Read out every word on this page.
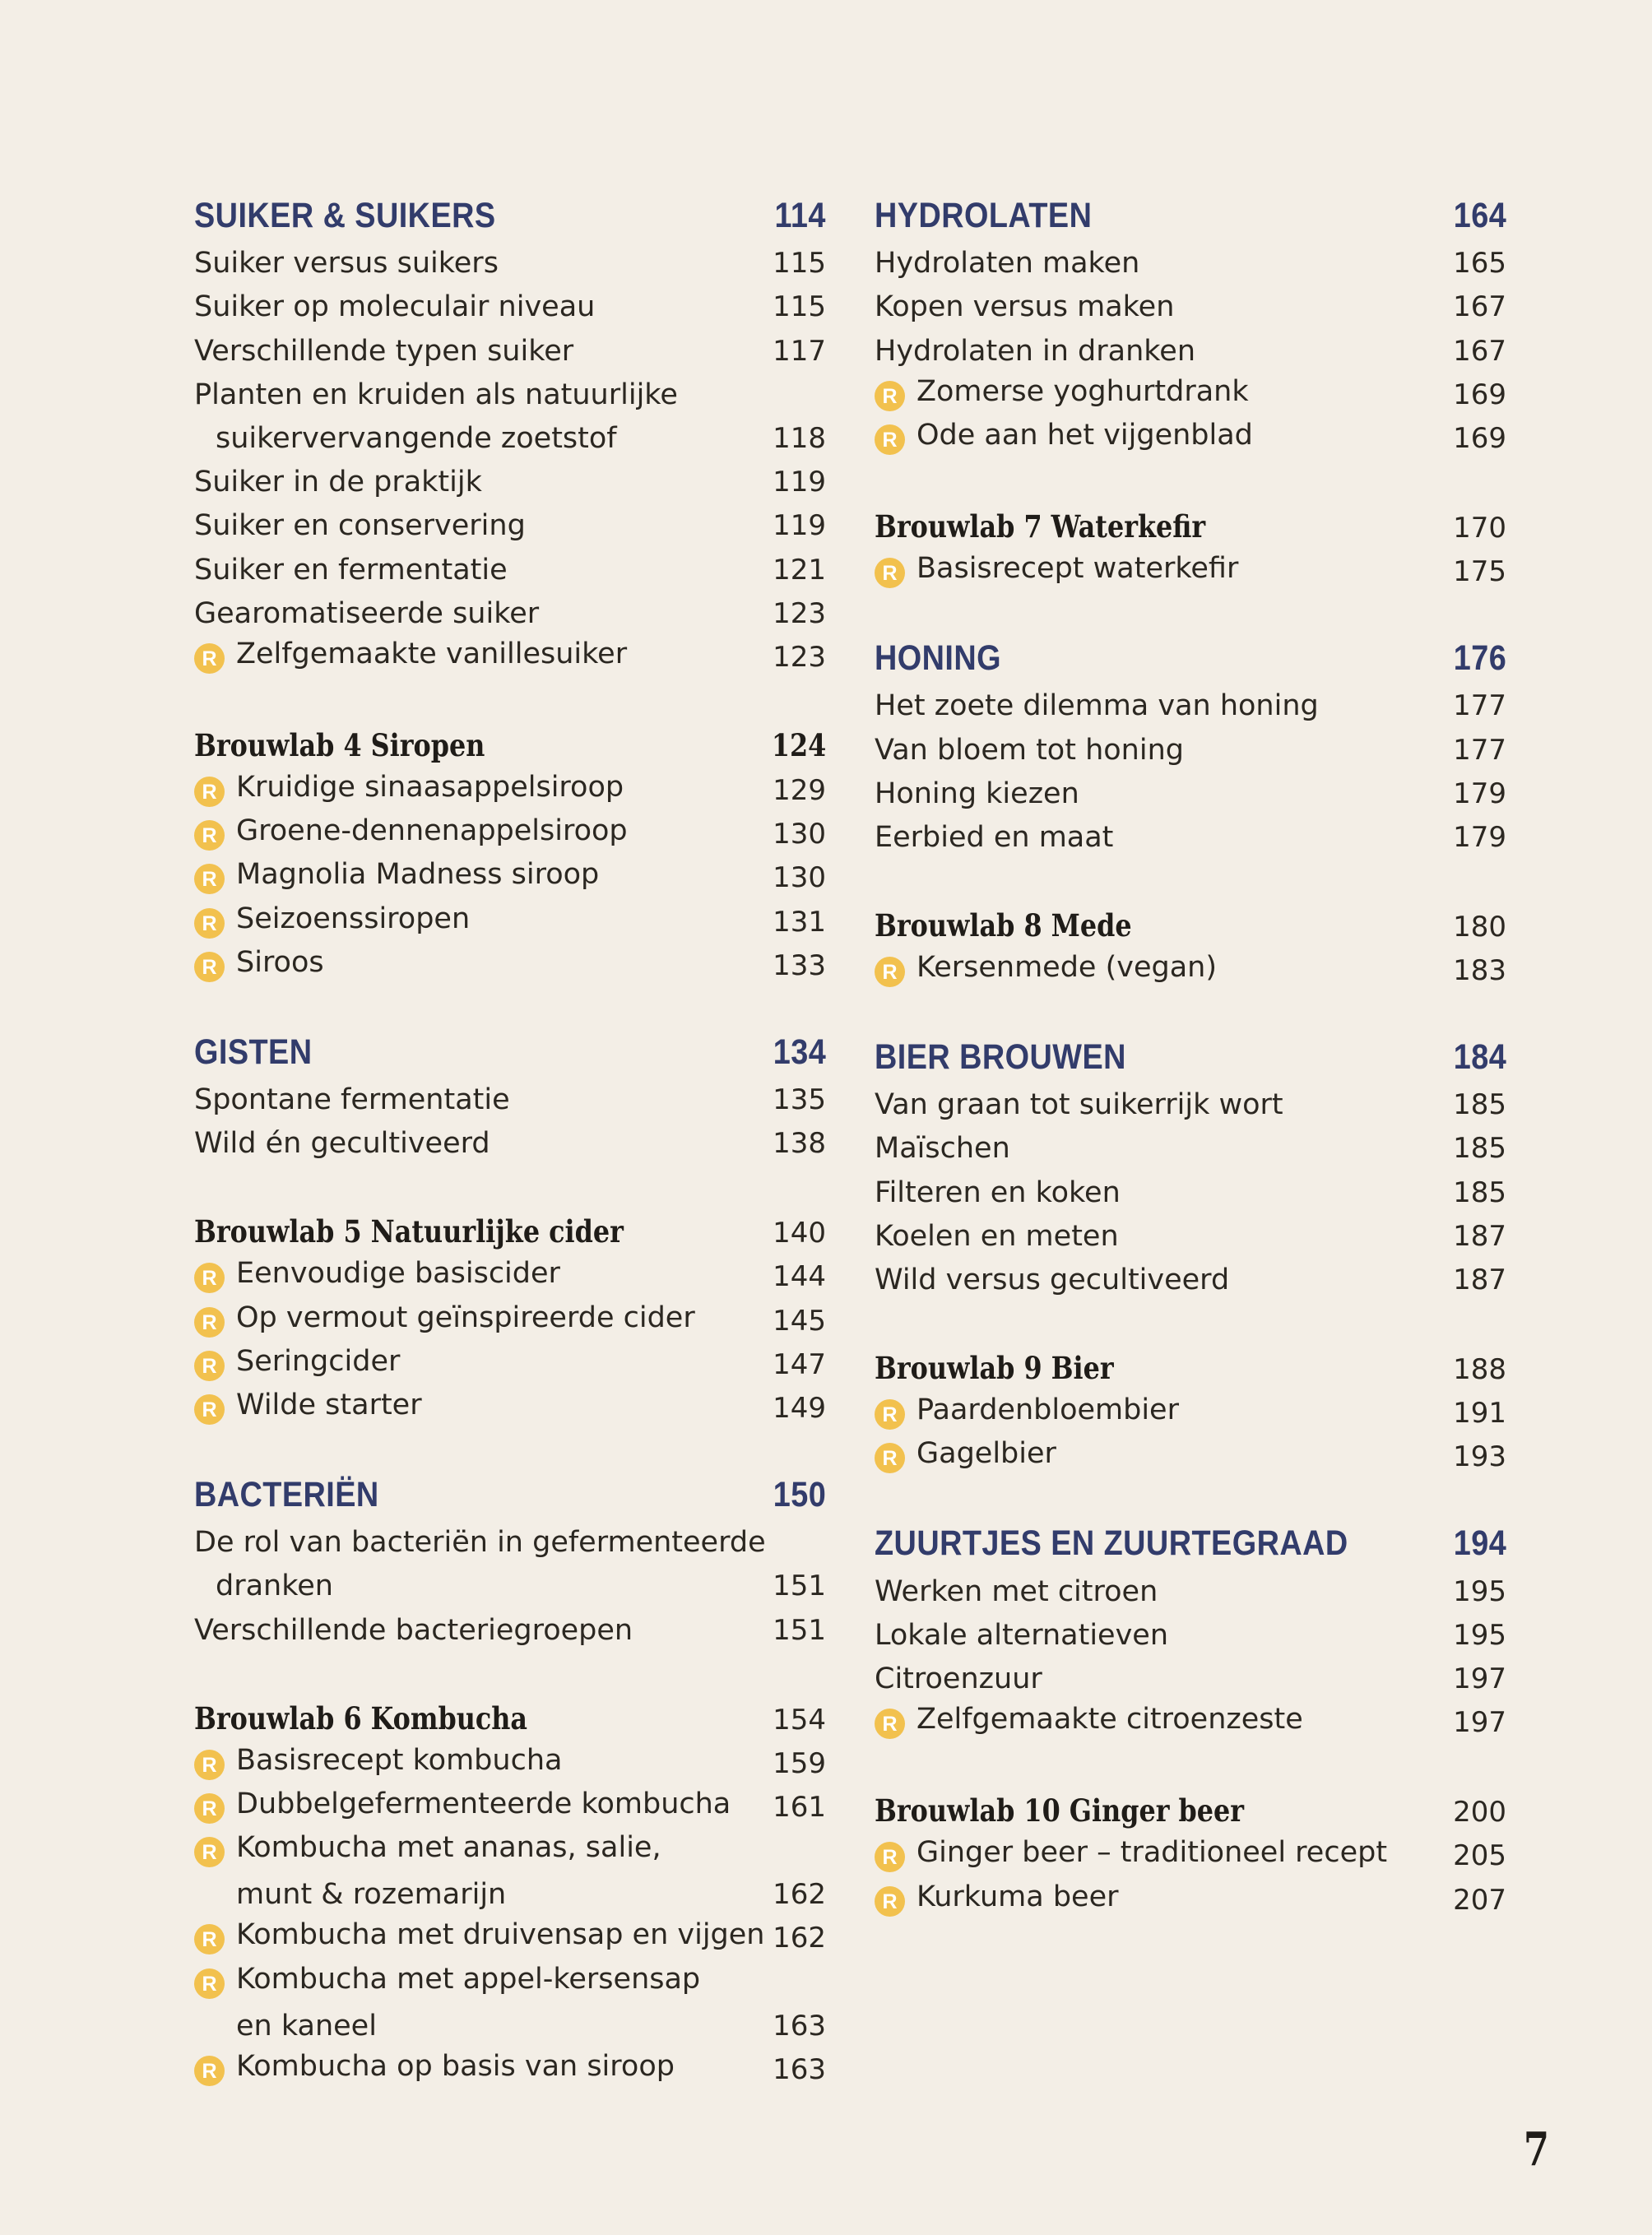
SUIKER & SUIKERS	114
Suiker versus suikers	115
Suiker op moleculair niveau	115
Verschillende typen suiker	117
Planten en kruiden als natuurlijke
suikervervangende zoetstof	118
Suiker in de praktijk	119
Suiker en conservering	119
Suiker en fermentatie	121
Gearomatiseerde suiker	123
R Zelfgemaakte vanillesuiker	123
Brouwlab 4 Siropen	124
R Kruidige sinaasappelsiroop	129
R Groene-dennenappelsiroop	130
R Magnolia Madness siroop	130
R Seizoenssiropen	131
R Siroos	133
GISTEN	134
Spontane fermentatie	135
Wild én gecultiveerd	138
Brouwlab 5 Natuurlijke cider	140
R Eenvoudige basiscider	144
R Op vermout geïnspireerde cider	145
R Seringcider	147
R Wilde starter	149
BACTERIËN	150
De rol van bacteriën in gefermenteerde
dranken	151
Verschillende bacteriegroepen	151
Brouwlab 6 Kombucha	154
R Basisrecept kombucha	159
R Dubbelgefermenteerde kombucha 161
R Kombucha met ananas, salie,
munt & rozemarijn	162
R Kombucha met druivensap en vijgen 162
R Kombucha met appel-kersensap
en kaneel	163
R Kombucha op basis van siroop	163
HYDROLATEN	164
Hydrolaten maken	165
Kopen versus maken	167
Hydrolaten in dranken	167
R Zomerse yoghurtdrank	169
R Ode aan het vijgenblad	169
Brouwlab 7 Waterkefir	170
R Basisrecept waterkefir	175
HONING	176
Het zoete dilemma van honing	177
Van bloem tot honing	177
Honing kiezen	179
Eerbied en maat	179
Brouwlab 8 Mede	180
R Kersenmede (vegan)	183
BIER BROUWEN	184
Van graan tot suikerrijk wort	185
Maïschen	185
Filteren en koken	185
Koelen en meten	187
Wild versus gecultiveerd	187
Brouwlab 9 Bier	188
R Paardenbloembier	191
R Gagelbier	193
ZUURTJES EN ZUURTEGRAAD	194
Werken met citroen	195
Lokale alternatieven	195
Citroenzuur	197
R Zelfgemaakte citroenzeste	197
Brouwlab 10 Ginger beer	200
R Ginger beer – traditioneel recept 205
R Kurkuma beer	207
7
